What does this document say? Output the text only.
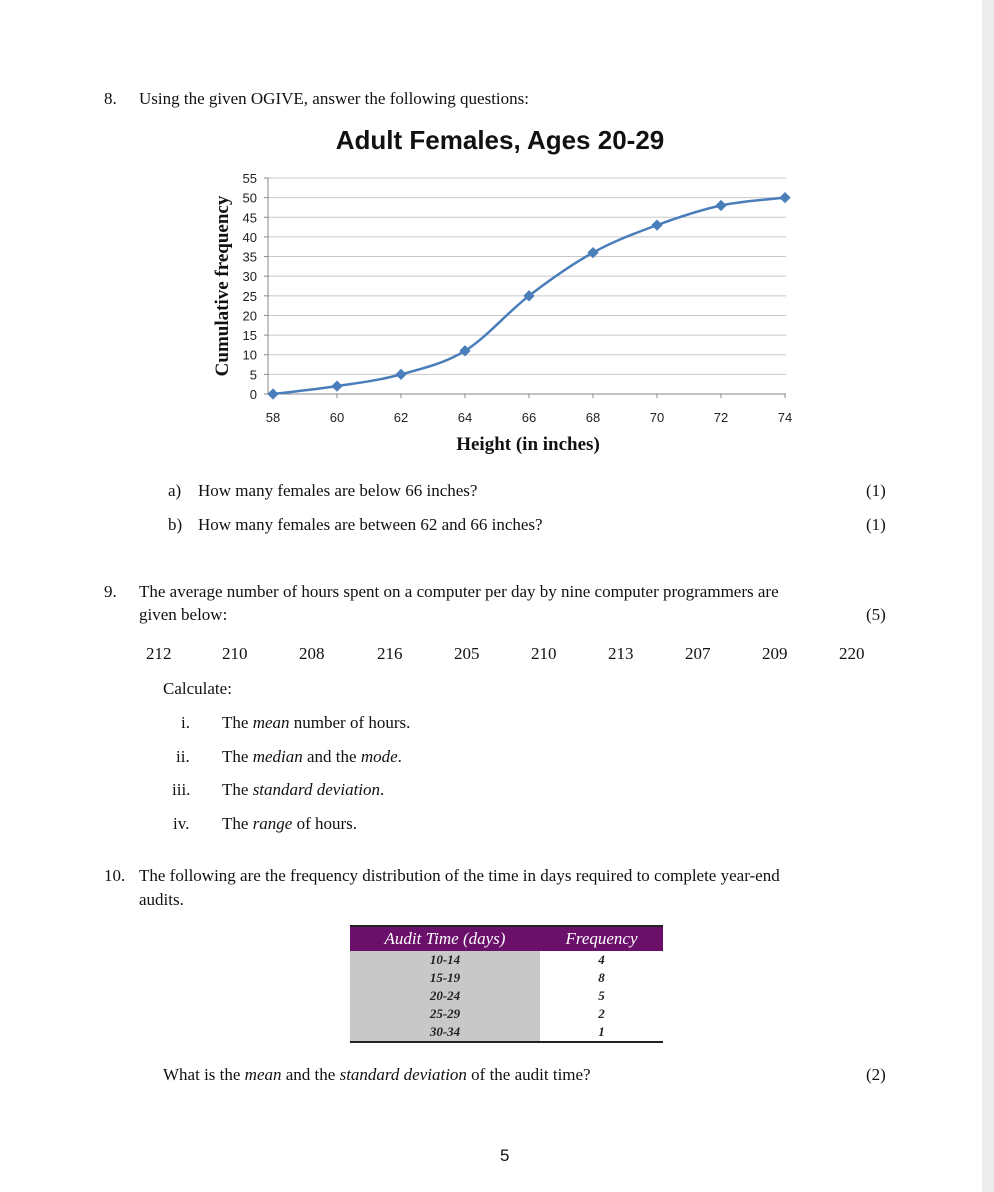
8. Using the given OGIVE, answer the following questions:
Adult Females, Ages 20-29
0
5
10
15
20
25
30
35
40
45
50
55
58	60	62	64	66	68	70	72	74
Height (in inches)
Cumulative frequency
a) How many females are below 66 inches?	(1)
b) How many females are between 62 and 66 inches?	(1)
9. The average number of hours spent on a computer per day by nine computer programmers are
given below:	(5)
212	210	208	216	205	210	213	207	209	220
Calculate:
i. The mean number of hours.
ii. The median and the mode.
iii. The standard deviation.
iv. The range of hours.
10. The following are the frequency distribution of the time in days required to complete year-end
audits.
Audit Time (days)	Frequency
10-14	4
15-19	8
20-24	5
25-29	2
30-34	1
What is the mean and the standard deviation of the audit time?	(2)
5
